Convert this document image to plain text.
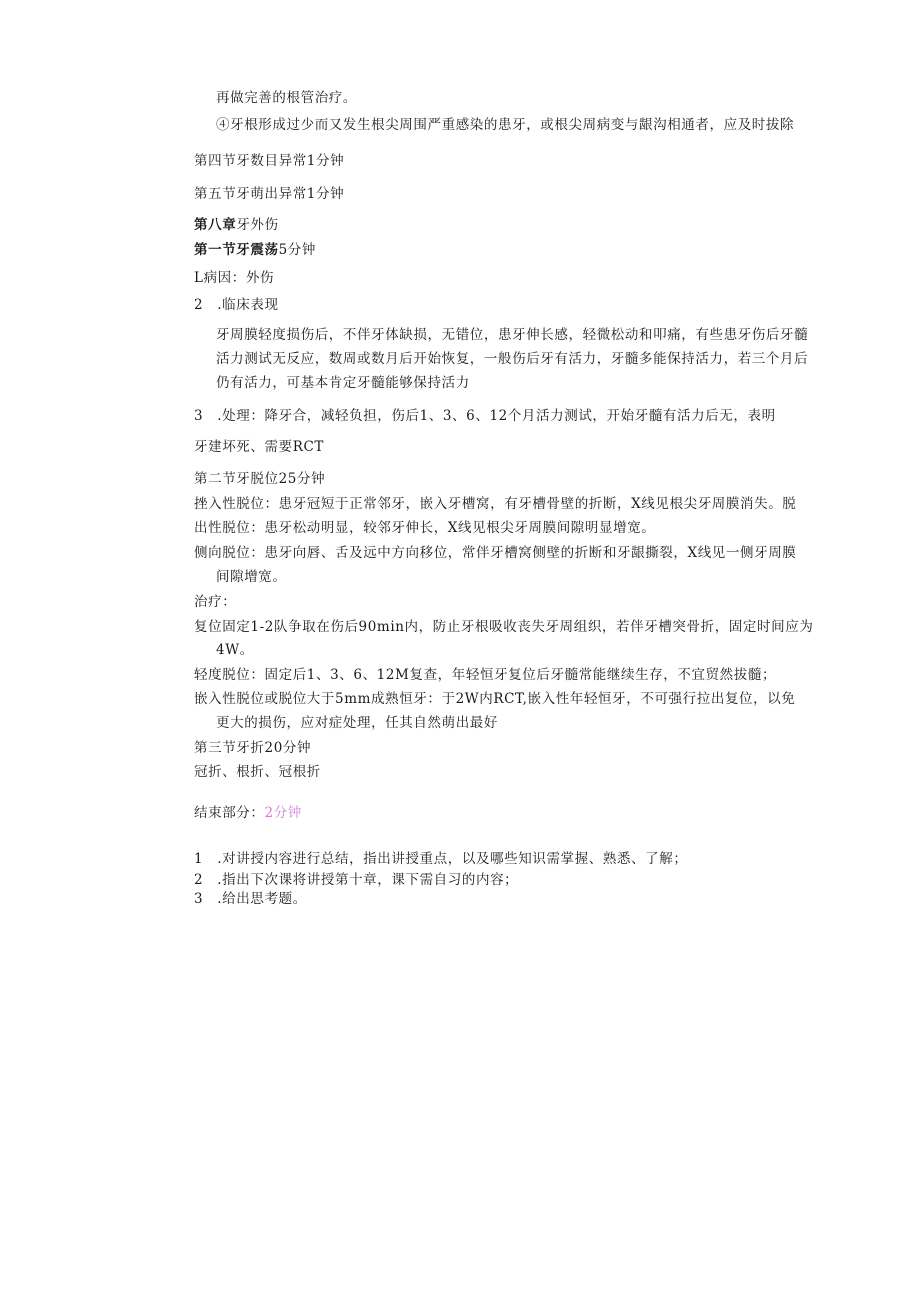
再做完善的根管治疗。
④牙根形成过少而又发生根尖周围严重感染的患牙，或根尖周病变与龈沟相通者，应及时拔除
第四节牙数目异常1分钟
第五节牙萌出异常1分钟
第八章牙外伤
第一节牙震荡5分钟
L病因：外伤
2　.临床表现
牙周膜轻度损伤后，不伴牙体缺损，无错位，患牙伸长感，轻微松动和叩痛，有些患牙伤后牙髓
活力测试无反应，数周或数月后开始恢复，一般伤后牙有活力，牙髓多能保持活力，若三个月后
仍有活力，可基本肯定牙髓能够保持活力
3　.处理：降牙合，减轻负担，伤后1、3、6、12个月活力测试，开始牙髓有活力后无，表明
牙建坏死、需要RCT
第二节牙脱位25分钟
挫入性脱位：患牙冠短于正常邻牙，嵌入牙槽窝，有牙槽骨壁的折断，X线见根尖牙周膜消失。脱
出性脱位：患牙松动明显，较邻牙伸长，X线见根尖牙周膜间隙明显增宽。
侧向脱位：患牙向唇、舌及远中方向移位，常伴牙槽窝侧壁的折断和牙龈撕裂，X线见一侧牙周膜
间隙增宽。
治疗：
复位固定1-2队争取在伤后90min内，防止牙根吸收丧失牙周组织，若伴牙槽突骨折，固定时间应为
4W。
轻度脱位：固定后1、3、6、12M复查，年轻恒牙复位后牙髓常能继续生存，不宜贸然拔髓；
嵌入性脱位或脱位大于5mm成熟恒牙：于2W内RCT,嵌入性年轻恒牙，不可强行拉出复位，以免
更大的损伤，应对症处理，任其自然萌出最好
第三节牙折20分钟
冠折、根折、冠根折
结束部分：2分钟
1　.对讲授内容进行总结，指出讲授重点，以及哪些知识需掌握、熟悉、了解；
2　.指出下次课将讲授第十章，课下需自习的内容；
3　.给出思考题。
